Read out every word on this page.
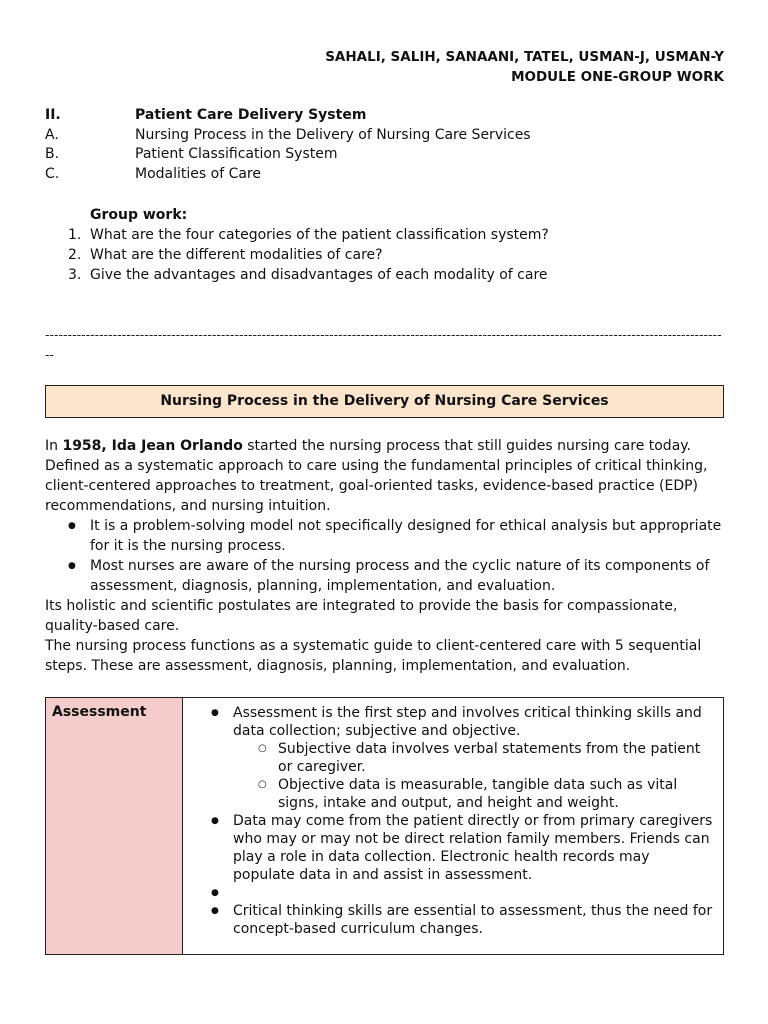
SAHALI, SALIH, SANAANI, TATEL, USMAN-J, USMAN-Y
MODULE ONE-GROUP WORK
II.	Patient Care Delivery System
A.	Nursing Process in the Delivery of Nursing Care Services
B.	Patient Classification System
C.	Modalities of Care
Group work:
1. What are the four categories of the patient classification system?
2. What are the different modalities of care?
3. Give the advantages and disadvantages of each modality of care
--------------------------------------------------------------------------------------------------------------------------------------------------------
Nursing Process in the Delivery of Nursing Care Services

In 1958, Ida Jean Orlando started the nursing process that still guides nursing care today. Defined as a systematic approach to care using the fundamental principles of critical thinking, client-centered approaches to treatment, goal-oriented tasks, evidence-based practice (EDP) recommendations, and nursing intuition.

● It is a problem-solving model not specifically designed for ethical analysis but appropriate for it is the nursing process.
● Most nurses are aware of the nursing process and the cyclic nature of its components of assessment, diagnosis, planning, implementation, and evaluation.

Its holistic and scientific postulates are integrated to provide the basis for compassionate, quality-based care.

The nursing process functions as a systematic guide to client-centered care with 5 sequential steps. These are assessment, diagnosis, planning, implementation, and evaluation.

Assessment
●	Assessment is the first step and involves critical thinking skills and data collection; subjective and objective.
○ Subjective data involves verbal statements from the patient or caregiver.
○ Objective data is measurable, tangible data such as vital signs, intake and output, and height and weight.
● Data may come from the patient directly or from primary caregivers who may or may not be direct relation family members. Friends can play a role in data collection. Electronic health records may populate data in and assist in assessment.
●
● Critical thinking skills are essential to assessment, thus the need for concept-based curriculum changes.
